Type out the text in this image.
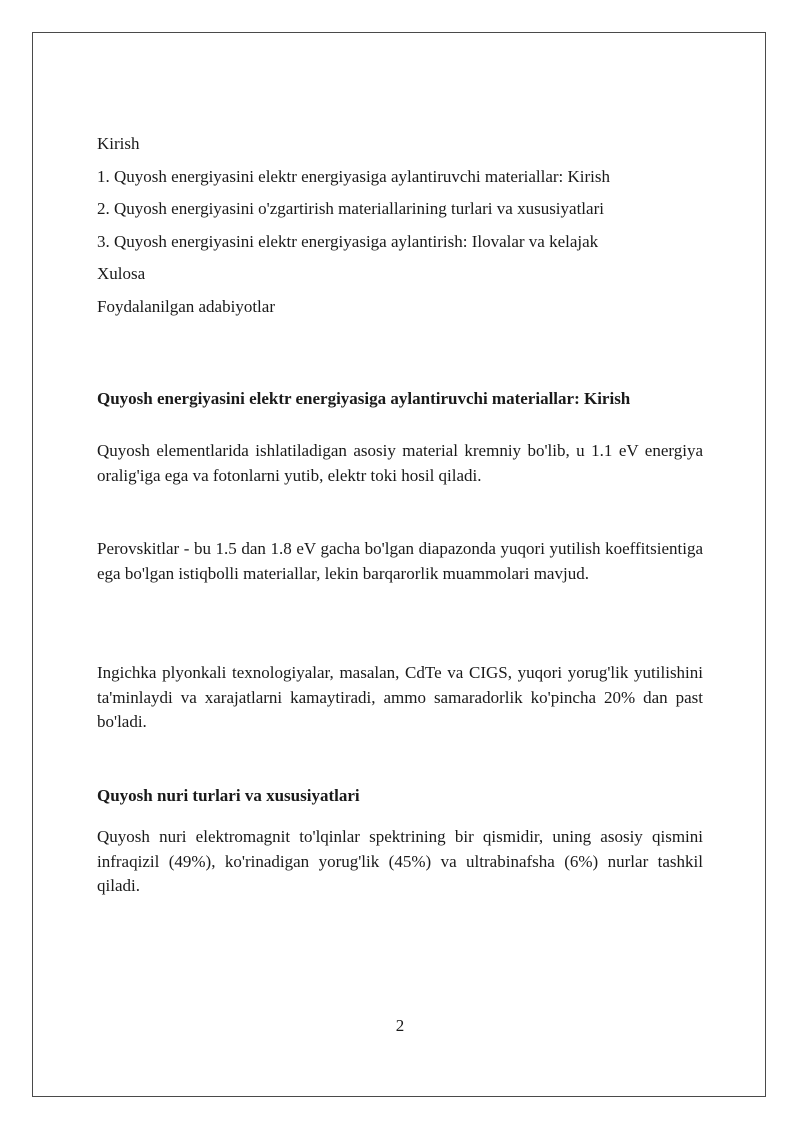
Kirish
1. Quyosh energiyasini elektr energiyasiga aylantiruvchi materiallar: Kirish
2. Quyosh energiyasini o'zgartirish materiallarining turlari va xususiyatlari
3. Quyosh energiyasini elektr energiyasiga aylantirish: Ilovalar va kelajak
Xulosa
Foydalanilgan adabiyotlar

Quyosh energiyasini elektr energiyasiga aylantiruvchi materiallar: Kirish

Quyosh elementlarida ishlatiladigan asosiy material kremniy bo'lib, u 1.1 eV energiya oralig'iga ega va fotonlarni yutib, elektr toki hosil qiladi.

Perovskitlar - bu 1.5 dan 1.8 eV gacha bo'lgan diapazonda yuqori yutilish koeffitsientiga ega bo'lgan istiqbolli materiallar, lekin barqarorlik muammolari mavjud.

Ingichka plyonkali texnologiyalar, masalan, CdTe va CIGS, yuqori yorug'lik yutilishini ta'minlaydi va xarajatlarni kamaytiradi, ammo samaradorlik ko'pincha 20% dan past bo'ladi.

Quyosh nuri turlari va xususiyatlari

Quyosh nuri elektromagnit to'lqinlar spektrining bir qismidir, uning asosiy qismini infraqizil (49%), ko'rinadigan yorug'lik (45%) va ultrabinafsha (6%) nurlar tashkil qiladi.

2
